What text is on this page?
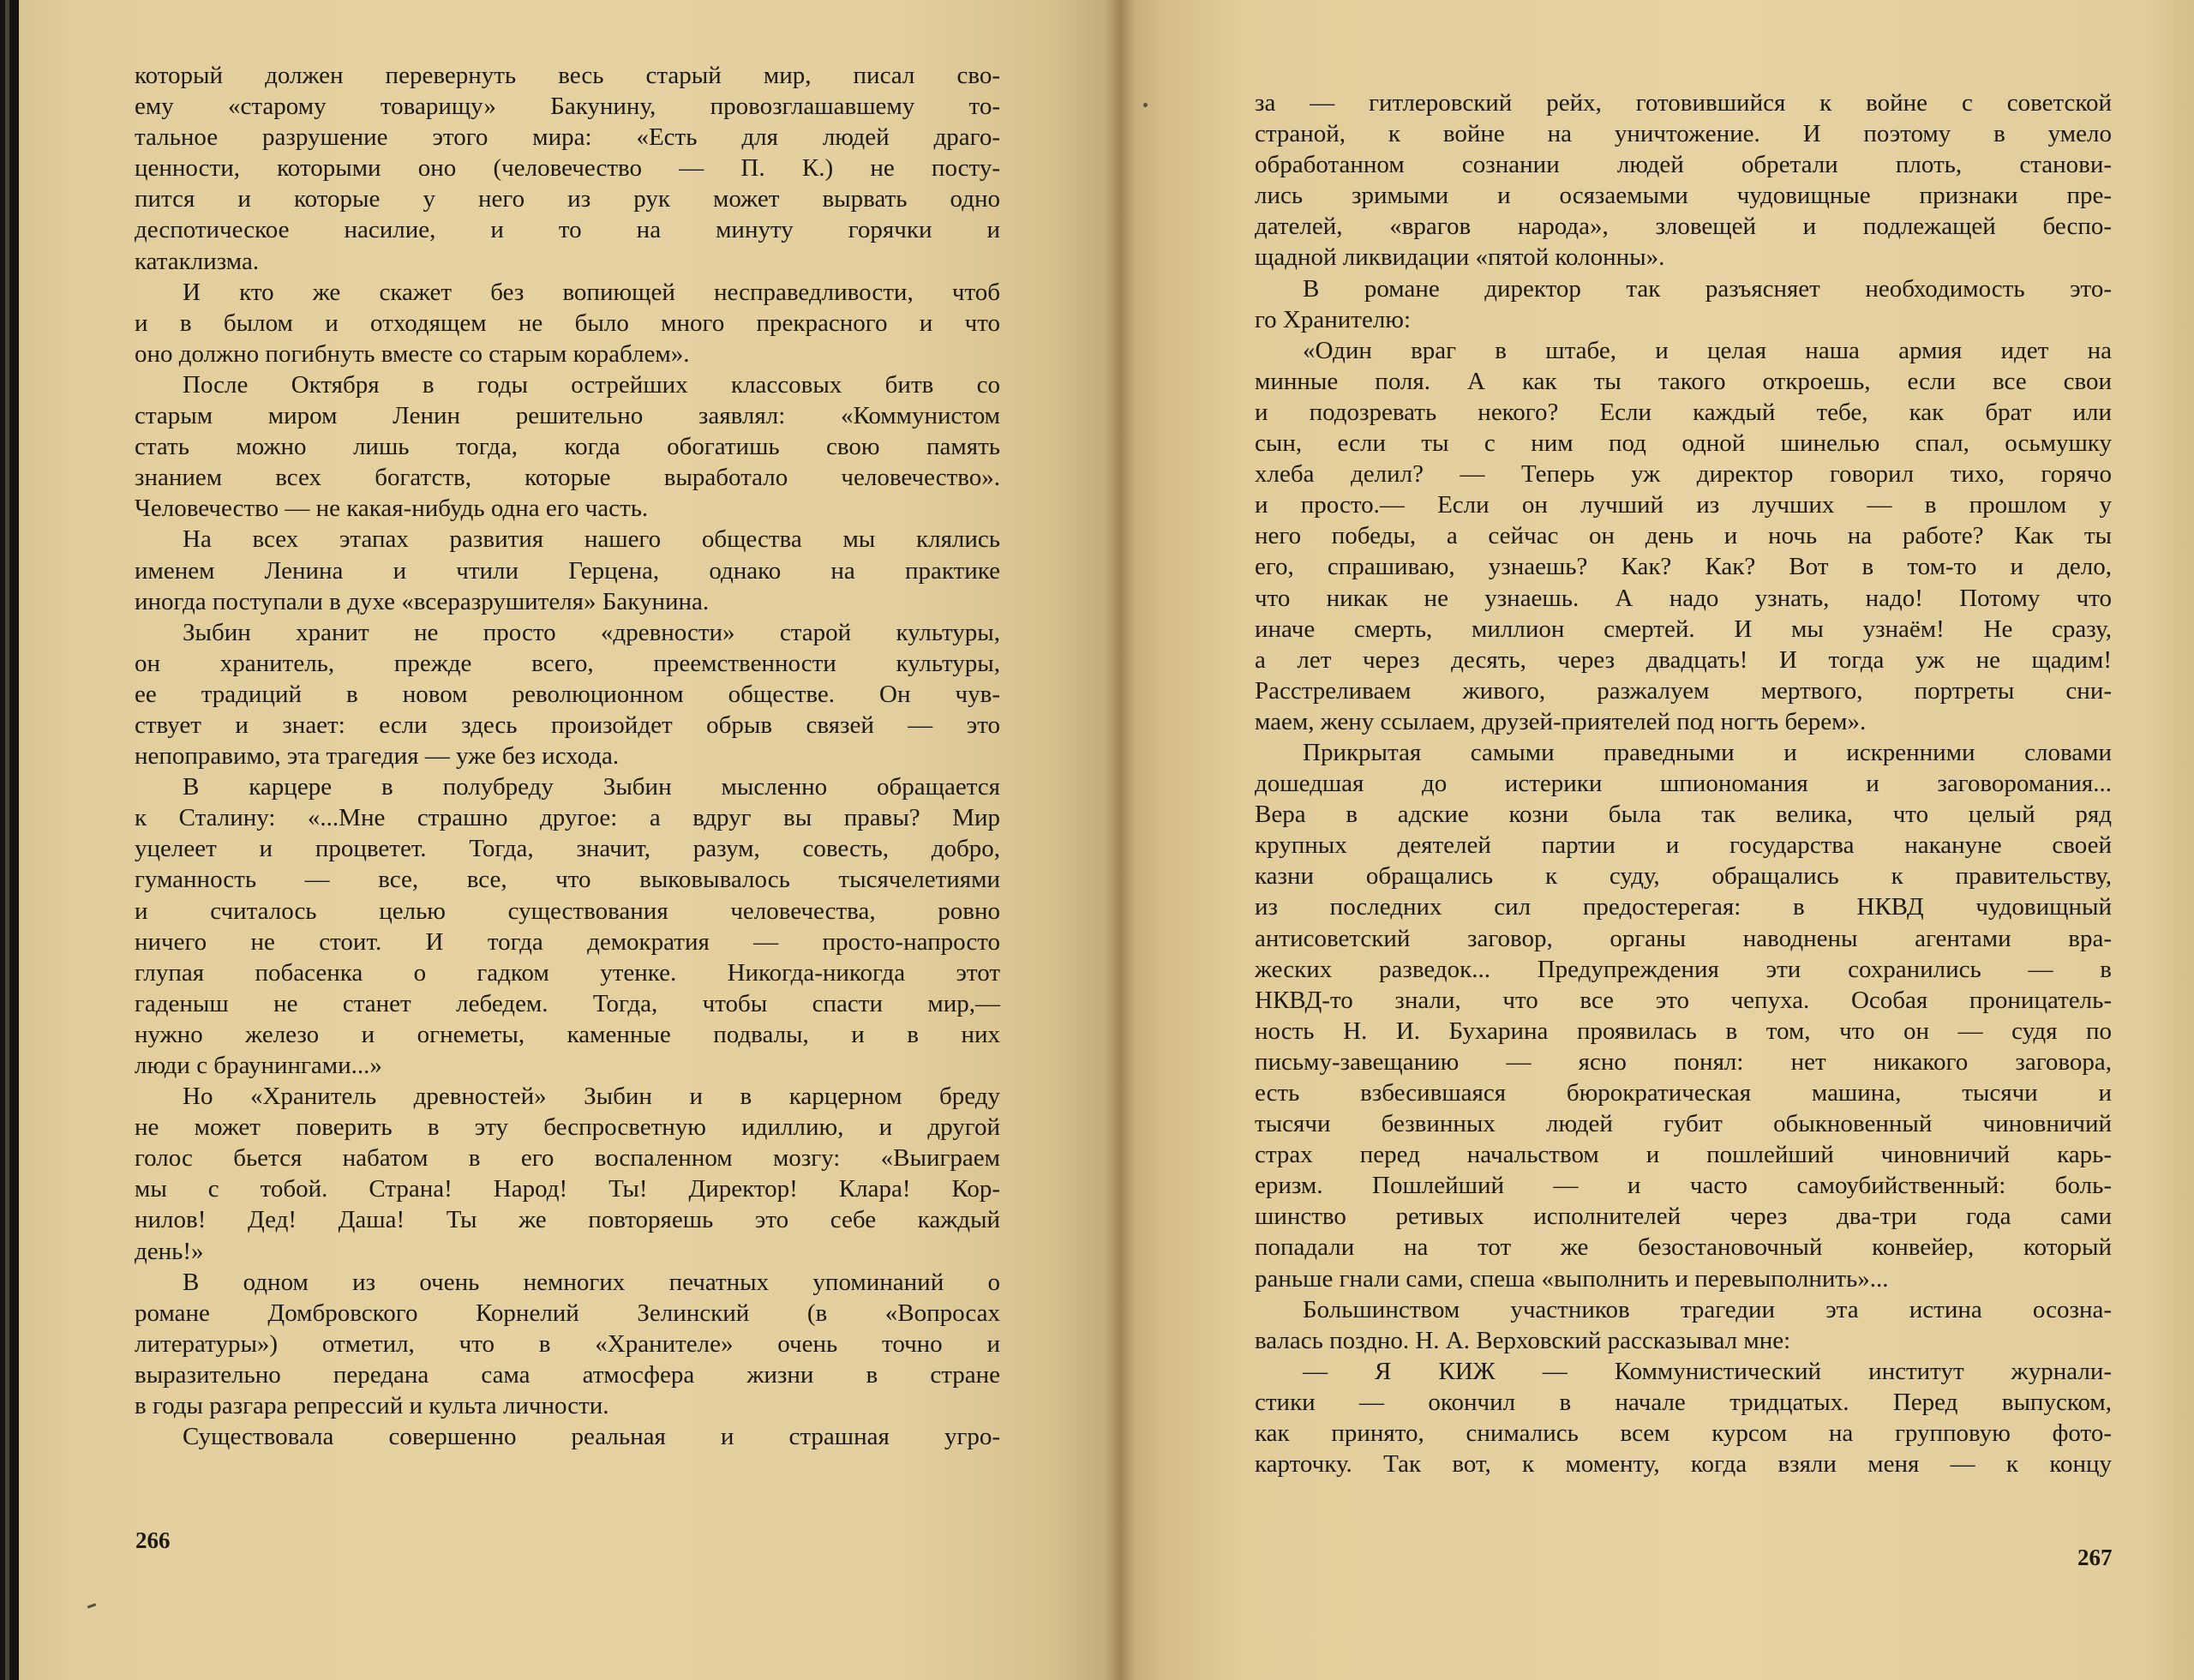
который должен перевернуть весь старый мир, писал сво-
ему «старому товарищу» Бакунину, провозглашавшему то-
тальное разрушение этого мира: «Есть для людей драго-
ценности, которыми оно (человечество — П. К.) не посту-
пится и которые у него из рук может вырвать одно
деспотическое насилие, и то на минуту горячки и
катаклизма.
И кто же скажет без вопиющей несправедливости, чтоб
и в былом и отходящем не было много прекрасного и что
оно должно погибнуть вместе со старым кораблем».
После Октября в годы острейших классовых битв со
старым миром Ленин решительно заявлял: «Коммунистом
стать можно лишь тогда, когда обогатишь свою память
знанием всех богатств, которые выработало человечество».
Человечество — не какая-нибудь одна его часть.
На всех этапах развития нашего общества мы клялись
именем Ленина и чтили Герцена, однако на практике
иногда поступали в духе «всеразрушителя» Бакунина.
Зыбин хранит не просто «древности» старой культуры,
он хранитель, прежде всего, преемственности культуры,
ее традиций в новом революционном обществе. Он чув-
ствует и знает: если здесь произойдет обрыв связей — это
непоправимо, эта трагедия — уже без исхода.
В карцере в полубреду Зыбин мысленно обращается
к Сталину: «...Мне страшно другое: а вдруг вы правы? Мир
уцелеет и процветет. Тогда, значит, разум, совесть, добро,
гуманность — все, все, что выковывалось тысячелетиями
и считалось целью существования человечества, ровно
ничего не стоит. И тогда демократия — просто-напросто
глупая побасенка о гадком утенке. Никогда-никогда этот
гаденыш не станет лебедем. Тогда, чтобы спасти мир,—
нужно железо и огнеметы, каменные подвалы, и в них
люди с браунингами...»
Но «Хранитель древностей» Зыбин и в карцерном бреду
не может поверить в эту беспросветную идиллию, и другой
голос бьется набатом в его воспаленном мозгу: «Выиграем
мы с тобой. Страна! Народ! Ты! Директор! Клара! Кор-
нилов! Дед! Даша! Ты же повторяешь это себе каждый
день!»
В одном из очень немногих печатных упоминаний о
романе Домбровского Корнелий Зелинский (в «Вопросах
литературы») отметил, что в «Хранителе» очень точно и
выразительно передана сама атмосфера жизни в стране
в годы разгара репрессий и культа личности.
Существовала совершенно реальная и страшная угро-
266
за — гитлеровский рейх, готовившийся к войне с советской
страной, к войне на уничтожение. И поэтому в умело
обработанном сознании людей обретали плоть, станови-
лись зримыми и осязаемыми чудовищные признаки пре-
дателей, «врагов народа», зловещей и подлежащей беспо-
щадной ликвидации «пятой колонны».
В романе директор так разъясняет необходимость это-
го Хранителю:
«Один враг в штабе, и целая наша армия идет на
минные поля. А как ты такого откроешь, если все свои
и подозревать некого? Если каждый тебе, как брат или
сын, если ты с ним под одной шинелью спал, осьмушку
хлеба делил? — Теперь уж директор говорил тихо, горячо
и просто.— Если он лучший из лучших — в прошлом у
него победы, а сейчас он день и ночь на работе? Как ты
его, спрашиваю, узнаешь? Как? Как? Вот в том-то и дело,
что никак не узнаешь. А надо узнать, надо! Потому что
иначе смерть, миллион смертей. И мы узнаём! Не сразу,
а лет через десять, через двадцать! И тогда уж не щадим!
Расстреливаем живого, разжалуем мертвого, портреты сни-
маем, жену ссылаем, друзей-приятелей под ногть берем».
Прикрытая самыми праведными и искренними словами
дошедшая до истерики шпиономания и заговоромания...
Вера в адские козни была так велика, что целый ряд
крупных деятелей партии и государства накануне своей
казни обращались к суду, обращались к правительству,
из последних сил предостерегая: в НКВД чудовищный
антисоветский заговор, органы наводнены агентами вра-
жеских разведок... Предупреждения эти сохранились — в
НКВД-то знали, что все это чепуха. Особая проницатель-
ность Н. И. Бухарина проявилась в том, что он — судя по
письму-завещанию — ясно понял: нет никакого заговора,
есть взбесившаяся бюрократическая машина, тысячи и
тысячи безвинных людей губит обыкновенный чиновничий
страх перед начальством и пошлейший чиновничий карь-
еризм. Пошлейший — и часто самоубийственный: боль-
шинство ретивых исполнителей через два-три года сами
попадали на тот же безостановочный конвейер, который
раньше гнали сами, спеша «выполнить и перевыполнить»...
Большинством участников трагедии эта истина осозна-
валась поздно. Н. А. Верховский рассказывал мне:
— Я КИЖ — Коммунистический институт журнали-
стики — окончил в начале тридцатых. Перед выпуском,
как принято, снимались всем курсом на групповую фото-
карточку. Так вот, к моменту, когда взяли меня — к концу
267
